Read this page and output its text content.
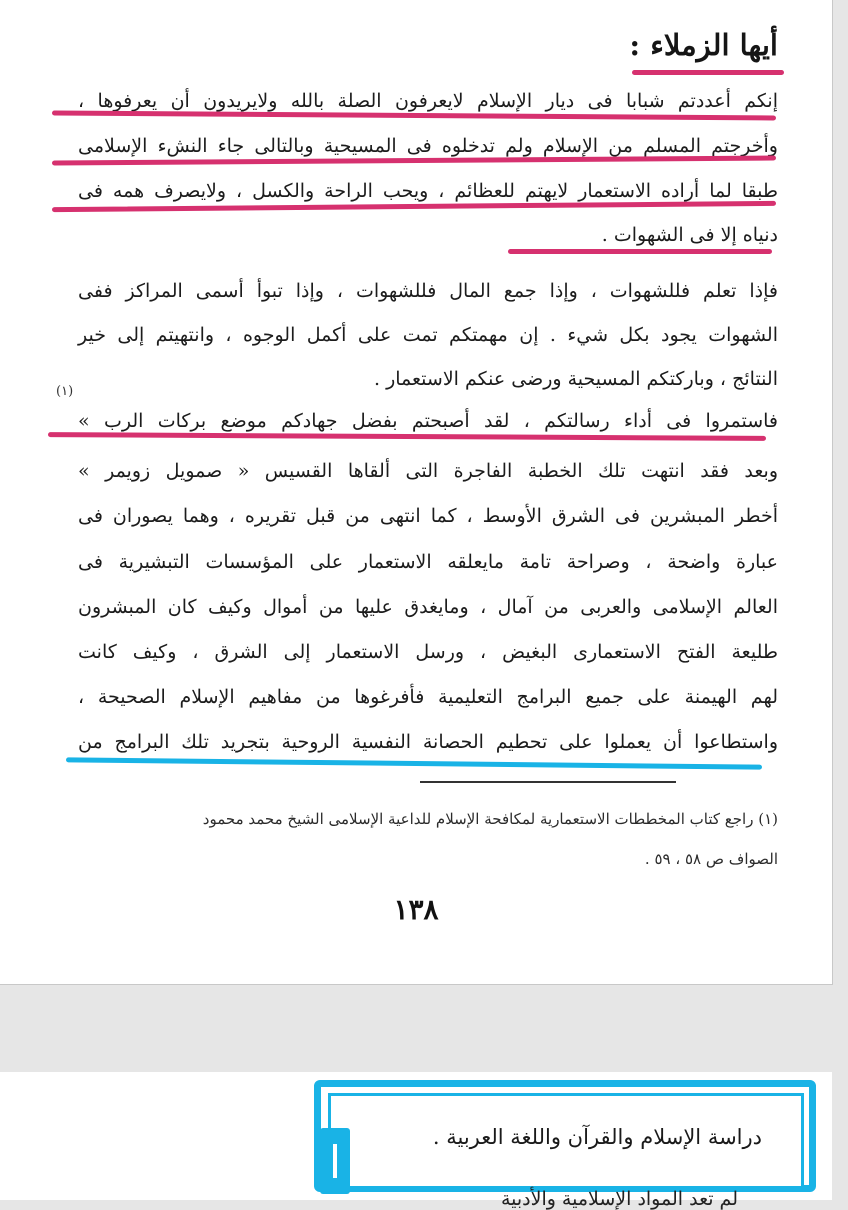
أيها الزملاء :
إنكم أعددتم شبابا فى ديار الإسلام لايعرفون الصلة بالله ولايريدون أن يعرفوها ،
وأخرجتم المسلم من الإسلام ولم تدخلوه فى المسيحية وبالتالى جاء النشء الإسلامى
طبقا لما أراده الاستعمار لايهتم للعظائم ، ويحب الراحة والكسل ، ولايصرف همه فى
دنياه إلا فى الشهوات .
فإذا تعلم فللشهوات ، وإذا جمع المال فللشهوات ، وإذا تبوأ أسمى المراكز ففى
الشهوات يجود بكل شيء . إن مهمتكم تمت على أكمل الوجوه ، وانتهيتم إلى خير
النتائج ، وباركتكم المسيحية ورضى عنكم الاستعمار .
(١)
فاستمروا فى أداء رسالتكم ، لقد أصبحتم بفضل جهادكم موضع بركات الرب »
وبعد فقد انتهت تلك الخطبة الفاجرة التى ألقاها القسيس « صمويل زويمر »
أخطر المبشرين فى الشرق الأوسط ، كما انتهى من قبل تقريره ، وهما يصوران فى
عبارة واضحة ، وصراحة تامة مايعلقه الاستعمار على المؤسسات التبشيرية فى
العالم الإسلامى والعربى من آمال ، ومايغدق عليها من أموال وكيف كان المبشرون
طليعة الفتح الاستعمارى البغيض ، ورسل الاستعمار إلى الشرق ، وكيف كانت
لهم الهيمنة على جميع البرامج التعليمية فأفرغوها من مفاهيم الإسلام الصحيحة ،
واستطاعوا أن يعملوا على تحطيم الحصانة النفسية الروحية بتجريد تلك البرامج من
(١) راجع كتاب المخططات الاستعمارية لمكافحة الإسلام للداعية الإسلامى الشيخ محمد محمود
الصواف ص ٥٨ ، ٥٩ .
١٣٨
دراسة الإسلام والقرآن واللغة العربية .
لم تعد المواد الإسلامية والأدبية
